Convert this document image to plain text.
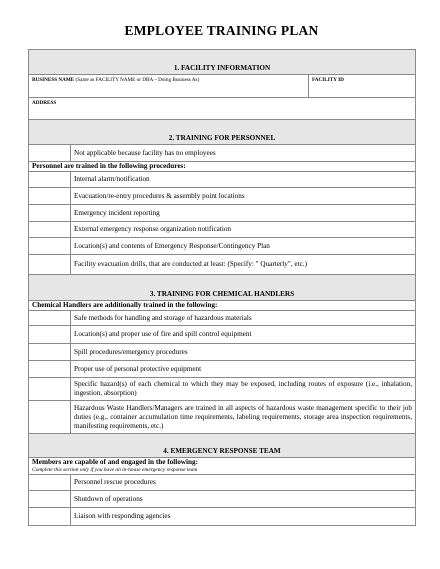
EMPLOYEE TRAINING PLAN
1. FACILITY INFORMATION		
BUSINESS NAME (Same as FACILITY NAME or DBA – Doing Business As)		FACILITY ID
ADDRESS		
2. TRAINING FOR PERSONNEL		
	Not applicable because facility has no employees	
Personnel are trained in the following procedures:		
	Internal alarm/notification	
	Evacuation/re-entry procedures & assembly point locations	
	Emergency incident reporting	
	External emergency response organization notification	
	Location(s) and contents of Emergency Response/Contingency Plan	
	Facility evacuation drills, that are conducted at least: (Specify: " Quarterly", etc.)	
3. TRAINING FOR CHEMICAL HANDLERS		
Chemical Handlers are additionally trained in the following:		
	Safe methods for handling and storage of hazardous materials	
	Location(s) and proper use of fire and spill control equipment	
	Spill procedures/emergency procedures	
	Proper use of personal protective equipment	
	Specific hazard(s) of each chemical to which they may be exposed, including routes of exposure (i.e., inhalation, ingestion, absorption)	
	Hazardous Waste Handlers/Managers are trained in all aspects of hazardous waste management specific to their job duties (e.g., container accumulation time requirements, labeling requirements, storage area inspection requirements, manifesting requirements, etc.)	
4. EMERGENCY RESPONSE TEAM		
Members are capable of and engaged in the following:
Complete this section only if you have an in-house emergency response team		

	Personnel rescue procedures	
	Shutdown of operations	
	Liaison with responding agencies	
